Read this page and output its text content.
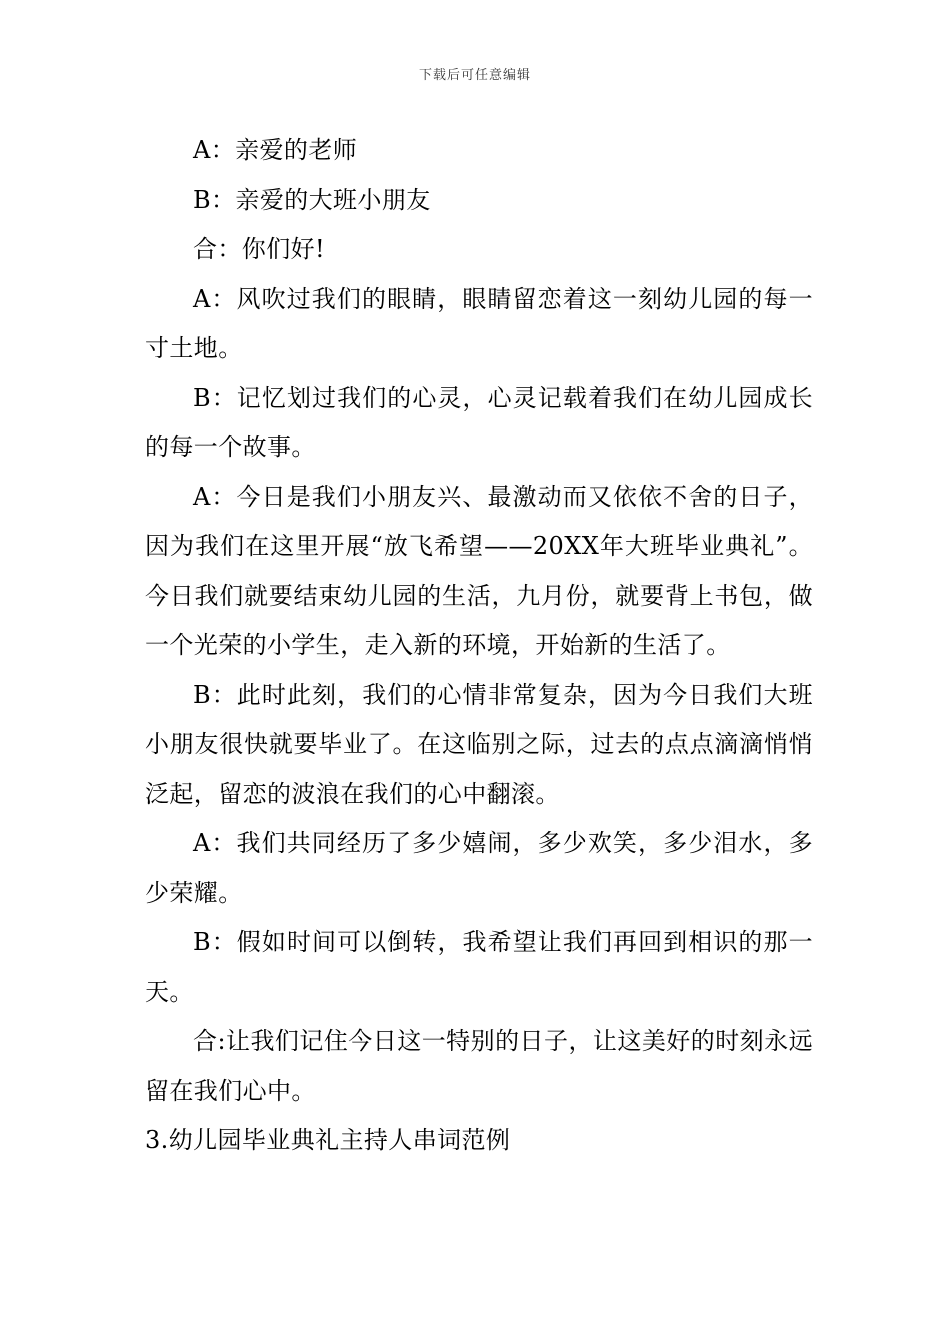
下载后可任意编辑

A：亲爱的老师

B：亲爱的大班小朋友

合：你们好!

A：风吹过我们的眼睛，眼睛留恋着这一刻幼儿园的每一寸土地。

B：记忆划过我们的心灵，心灵记载着我们在幼儿园成长的每一个故事。

A：今日是我们小朋友兴、最激动而又依依不舍的日子，因为我们在这里开展“放飞希望——20XX年大班毕业典礼”。今日我们就要结束幼儿园的生活，九月份，就要背上书包，做一个光荣的小学生，走入新的环境，开始新的生活了。

B：此时此刻，我们的心情非常复杂，因为今日我们大班小朋友很快就要毕业了。在这临别之际，过去的点点滴滴悄悄泛起，留恋的波浪在我们的心中翻滚。

A：我们共同经历了多少嬉闹，多少欢笑，多少泪水，多少荣耀。

B：假如时间可以倒转，我希望让我们再回到相识的那一天。

合:让我们记住今日这一特别的日子，让这美好的时刻永远留在我们心中。

3.幼儿园毕业典礼主持人串词范例
